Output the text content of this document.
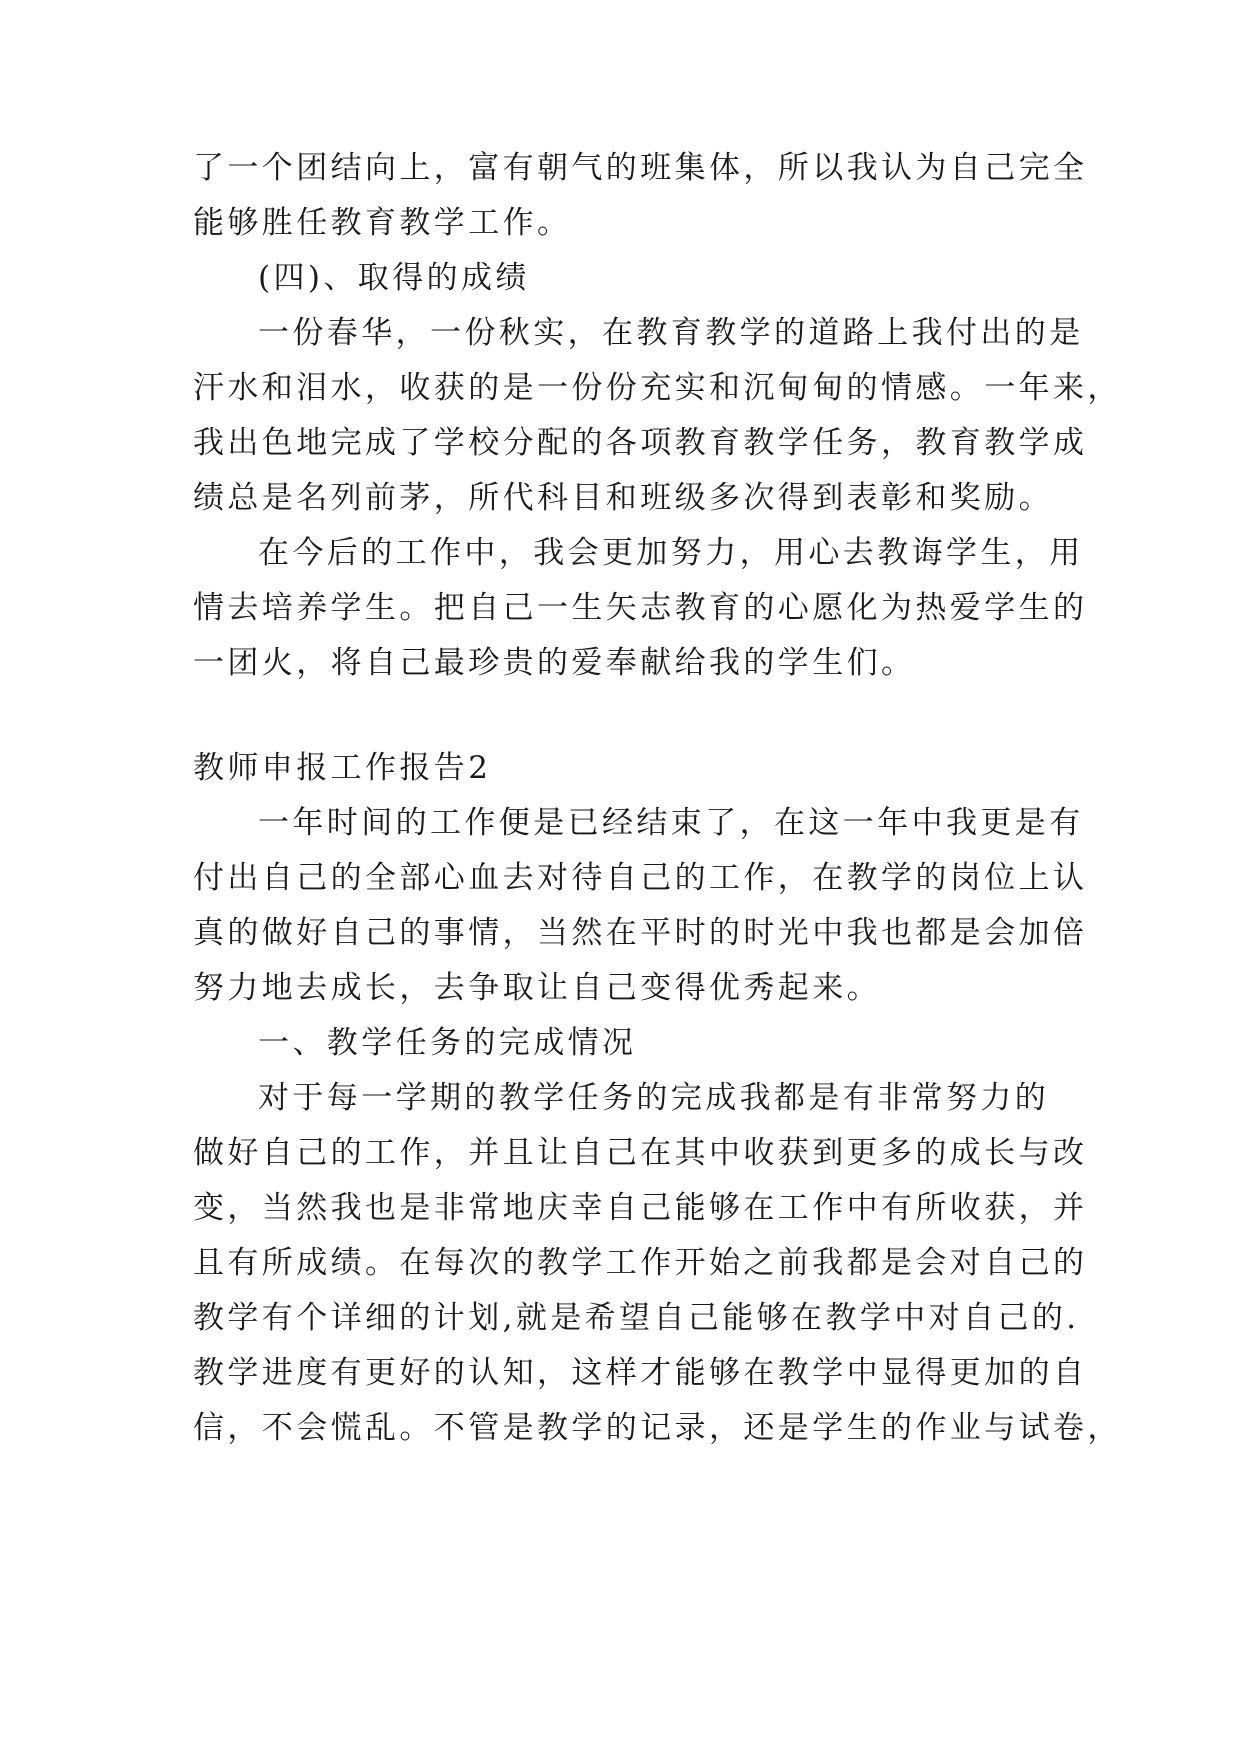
了一个团结向上，富有朝气的班集体，所以我认为自己完全
能够胜任教育教学工作。
(四)、取得的成绩
一份春华，一份秋实，在教育教学的道路上我付出的是
汗水和泪水，收获的是一份份充实和沉甸甸的情感。一年来，
我出色地完成了学校分配的各项教育教学任务，教育教学成
绩总是名列前茅，所代科目和班级多次得到表彰和奖励。
在今后的工作中，我会更加努力，用心去教诲学生，用
情去培养学生。把自己一生矢志教育的心愿化为热爱学生的
一团火，将自己最珍贵的爱奉献给我的学生们。
教师申报工作报告2
一年时间的工作便是已经结束了，在这一年中我更是有
付出自己的全部心血去对待自己的工作，在教学的岗位上认
真的做好自己的事情，当然在平时的时光中我也都是会加倍
努力地去成长，去争取让自己变得优秀起来。
一、教学任务的完成情况
对于每一学期的教学任务的完成我都是有非常努力的
做好自己的工作，并且让自己在其中收获到更多的成长与改
变，当然我也是非常地庆幸自己能够在工作中有所收获，并
且有所成绩。在每次的教学工作开始之前我都是会对自己的
教学有个详细的计划,就是希望自己能够在教学中对自己的.
教学进度有更好的认知，这样才能够在教学中显得更加的自
信，不会慌乱。不管是教学的记录，还是学生的作业与试卷，
